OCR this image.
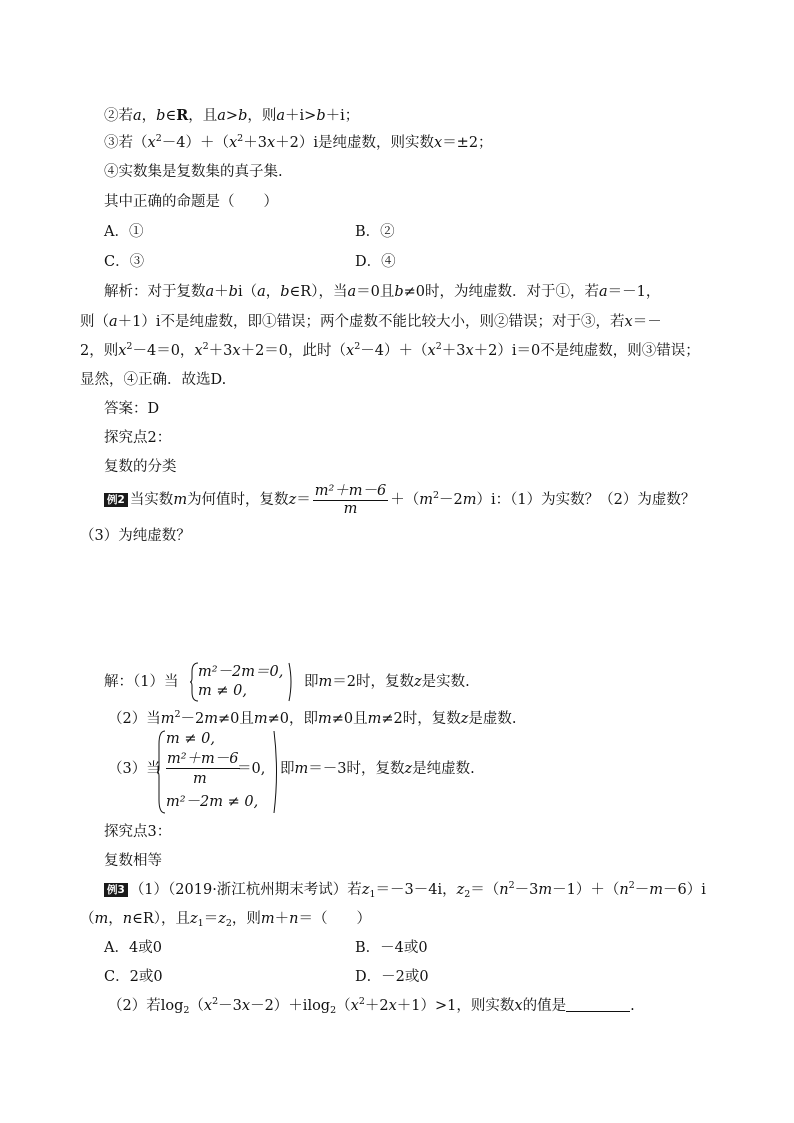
②若a，b∈R，且a>b，则a＋i>b＋i；
③若$(x^2-4)+(x^2+3x+2)i$是纯虚数，则实数x＝±2；
④实数集是复数集的真子集.
其中正确的命题是（　　）
A．①	B．②
C．③	D．④
解析：对于复数a＋bi（a，b∈R），当a＝0且b≠0时，为纯虚数．对于①，若a＝－1，
则（a＋1）i不是纯虚数，即①错误；两个虚数不能比较大小，则②错误；对于③，若x＝－
2，则$x^2-4=0$，$x^2+3x+2=0$，此时$(x^2-4)+(x^2+3x+2)i=0$不是纯虚数，则③错误；
显然，④正确．故选D.
答案：D
探究点2：
复数的分类
例2 当实数m为何值时，复数$z= \frac{\text{m²＋m－6}}{m} +(m^2-2m)i$：（1）为实数？（2）为虚数？
（3）为纯虚数？
解：（1）当
m²－2m＝0,
m ≠ 0,
即m＝2时，复数z是实数.
（2）当$m^2-2m\ne 0$且m≠0，即m≠0且m≠2时，复数z是虚数.
（3）当
m ≠ 0,
m²＋m－6
＝0,
m
m²－2m ≠ 0,
即m＝－3时，复数z是纯虚数.
探究点3：
复数相等
例3 （1）（2019·浙江杭州期末考试）若$z_1=-3-4i$，$z_2=(n^2-3m-1)+(n^2-m-6)i$
（m，n∈R），且$z_1=z_2$，则m＋n＝（　　）
A．4或0	B．－4或0
C．2或0	D．－2或0
（2）若$\log_2(x^2-3x-2)+ilog_2(x^2+2x+1)>1$，则实数x的值是	.
